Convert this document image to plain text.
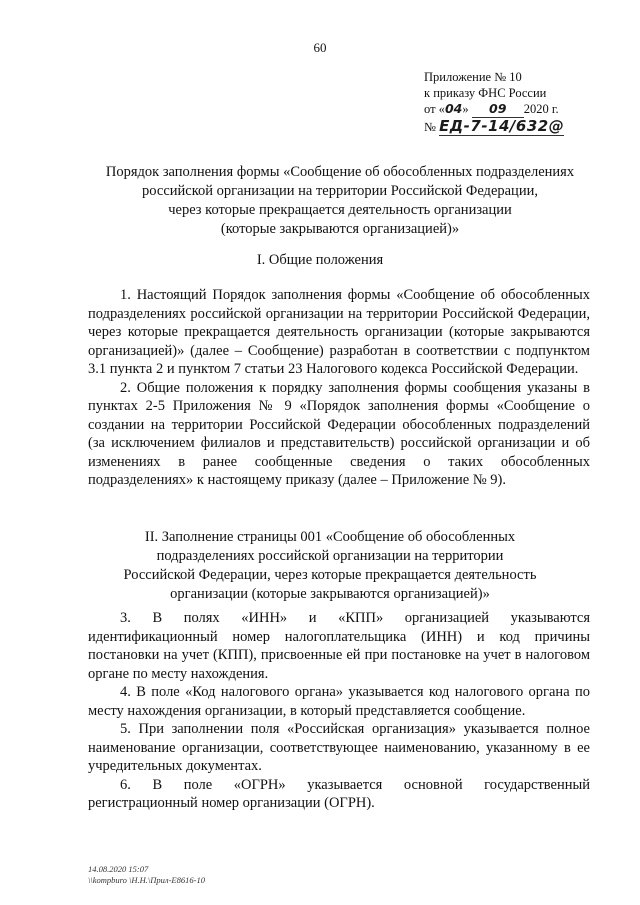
60
Приложение № 10
к приказу ФНС России
от «04» 09 2020 г.
№ ЕД-7-14/632@
Порядок заполнения формы «Сообщение об обособленных подразделениях
российской организации на территории Российской Федерации,
через которые прекращается деятельность организации
(которые закрываются организацией)»
I. Общие положения

1. Настоящий Порядок заполнения формы «Сообщение об обособленных подразделениях российской организации на территории Российской Федерации, через которые прекращается деятельность организации (которые закрываются организацией)» (далее – Сообщение) разработан в соответствии с подпунктом 3.1 пункта 2 и пунктом 7 статьи 23 Налогового кодекса Российской Федерации.

2. Общие положения к порядку заполнения формы сообщения указаны в пунктах 2-5 Приложения № 9 «Порядок заполнения формы «Сообщение о создании на территории Российской Федерации обособленных подразделений (за исключением филиалов и представительств) российской организации и об изменениях в ранее сообщенные сведения о таких обособленных подразделениях» к настоящему приказу (далее – Приложение № 9).

II. Заполнение страницы 001 «Сообщение об обособленных
подразделениях российской организации на территории
Российской Федерации, через которые прекращается деятельность
организации (которые закрываются организацией)»

3. В полях «ИНН» и «КПП» организацией указываются идентификационный номер налогоплательщика (ИНН) и код причины постановки на учет (КПП), присвоенные ей при постановке на учет в налоговом органе по месту нахождения.

4. В поле «Код налогового органа» указывается код налогового органа по месту нахождения организации, в который представляется сообщение.

5. При заполнении поля «Российская организация» указывается полное наименование организации, соответствующее наименованию, указанному в ее учредительных документах.

6. В поле «ОГРН» указывается основной государственный регистрационный номер организации (ОГРН).

14.08.2020 15:07
\\kompburo \Н.Н.\Прил-Е8616-10
